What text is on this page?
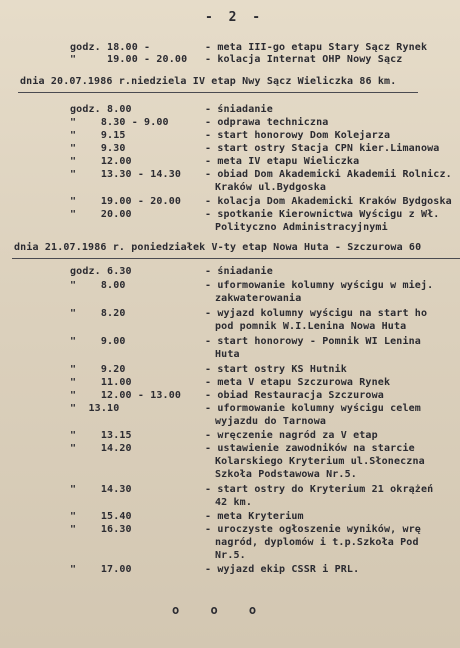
- 2 -
godz. 18.00 -	- meta III-go etapu Stary Sącz Rynek
"     19.00 - 20.00 - kolacja Internat OHP Nowy Sącz
dnia 20.07.1986 r.niedziela IV etap Nwy Sącz Wieliczka 86 km.
godz. 8.00	- śniadanie
"    8.30 - 9.00	- odprawa techniczna
"    9.15	- start honorowy Dom Kolejarza
"    9.30	- start ostry Stacja CPN kier.Limanowa
"    12.00	- meta IV etapu Wieliczka
"    13.30 - 14.30 - obiad Dom Akademicki Akademii Rolnicz.
Kraków ul.Bydgoska
"    19.00 - 20.00 - kolacja Dom Akademicki Kraków Bydgoska
"    20.00	- spotkanie Kierownictwa Wyścigu z Wł.
Polityczno Administracyjnymi
dnia 21.07.1986 r. poniedziałek V-ty etap Nowa Huta - Szczurowa 60
godz. 6.30	- śniadanie
"    8.00	- uformowanie kolumny wyścigu w miej.
zakwaterowania
"    8.20	- wyjazd kolumny wyścigu na start ho
pod pomnik W.I.Lenina Nowa Huta
"    9.00	- start honorowy - Pomnik WI Lenina
Huta
"    9.20	- start ostry KS Hutnik
"    11.00	- meta V etapu Szczurowa Rynek
"    12.00 - 13.00 - obiad Restauracja Szczurowa
"  13.10	- uformowanie kolumny wyścigu celem
wyjazdu do Tarnowa
"    13.15	- wręczenie nagród za V etap
"    14.20	- ustawienie zawodników na starcie
Kolarskiego Kryterium ul.Słoneczna
Szkoła Podstawowa Nr.5.
"    14.30	- start ostry do Kryterium 21 okrążeń
42 km.
"    15.40	- meta Kryterium
"    16.30	- uroczyste ogłoszenie wyników, wrę
nagród, dyplomów i t.p.Szkoła Pod
Nr.5.
"    17.00	- wyjazd ekip CSSR i PRL.
o o o
